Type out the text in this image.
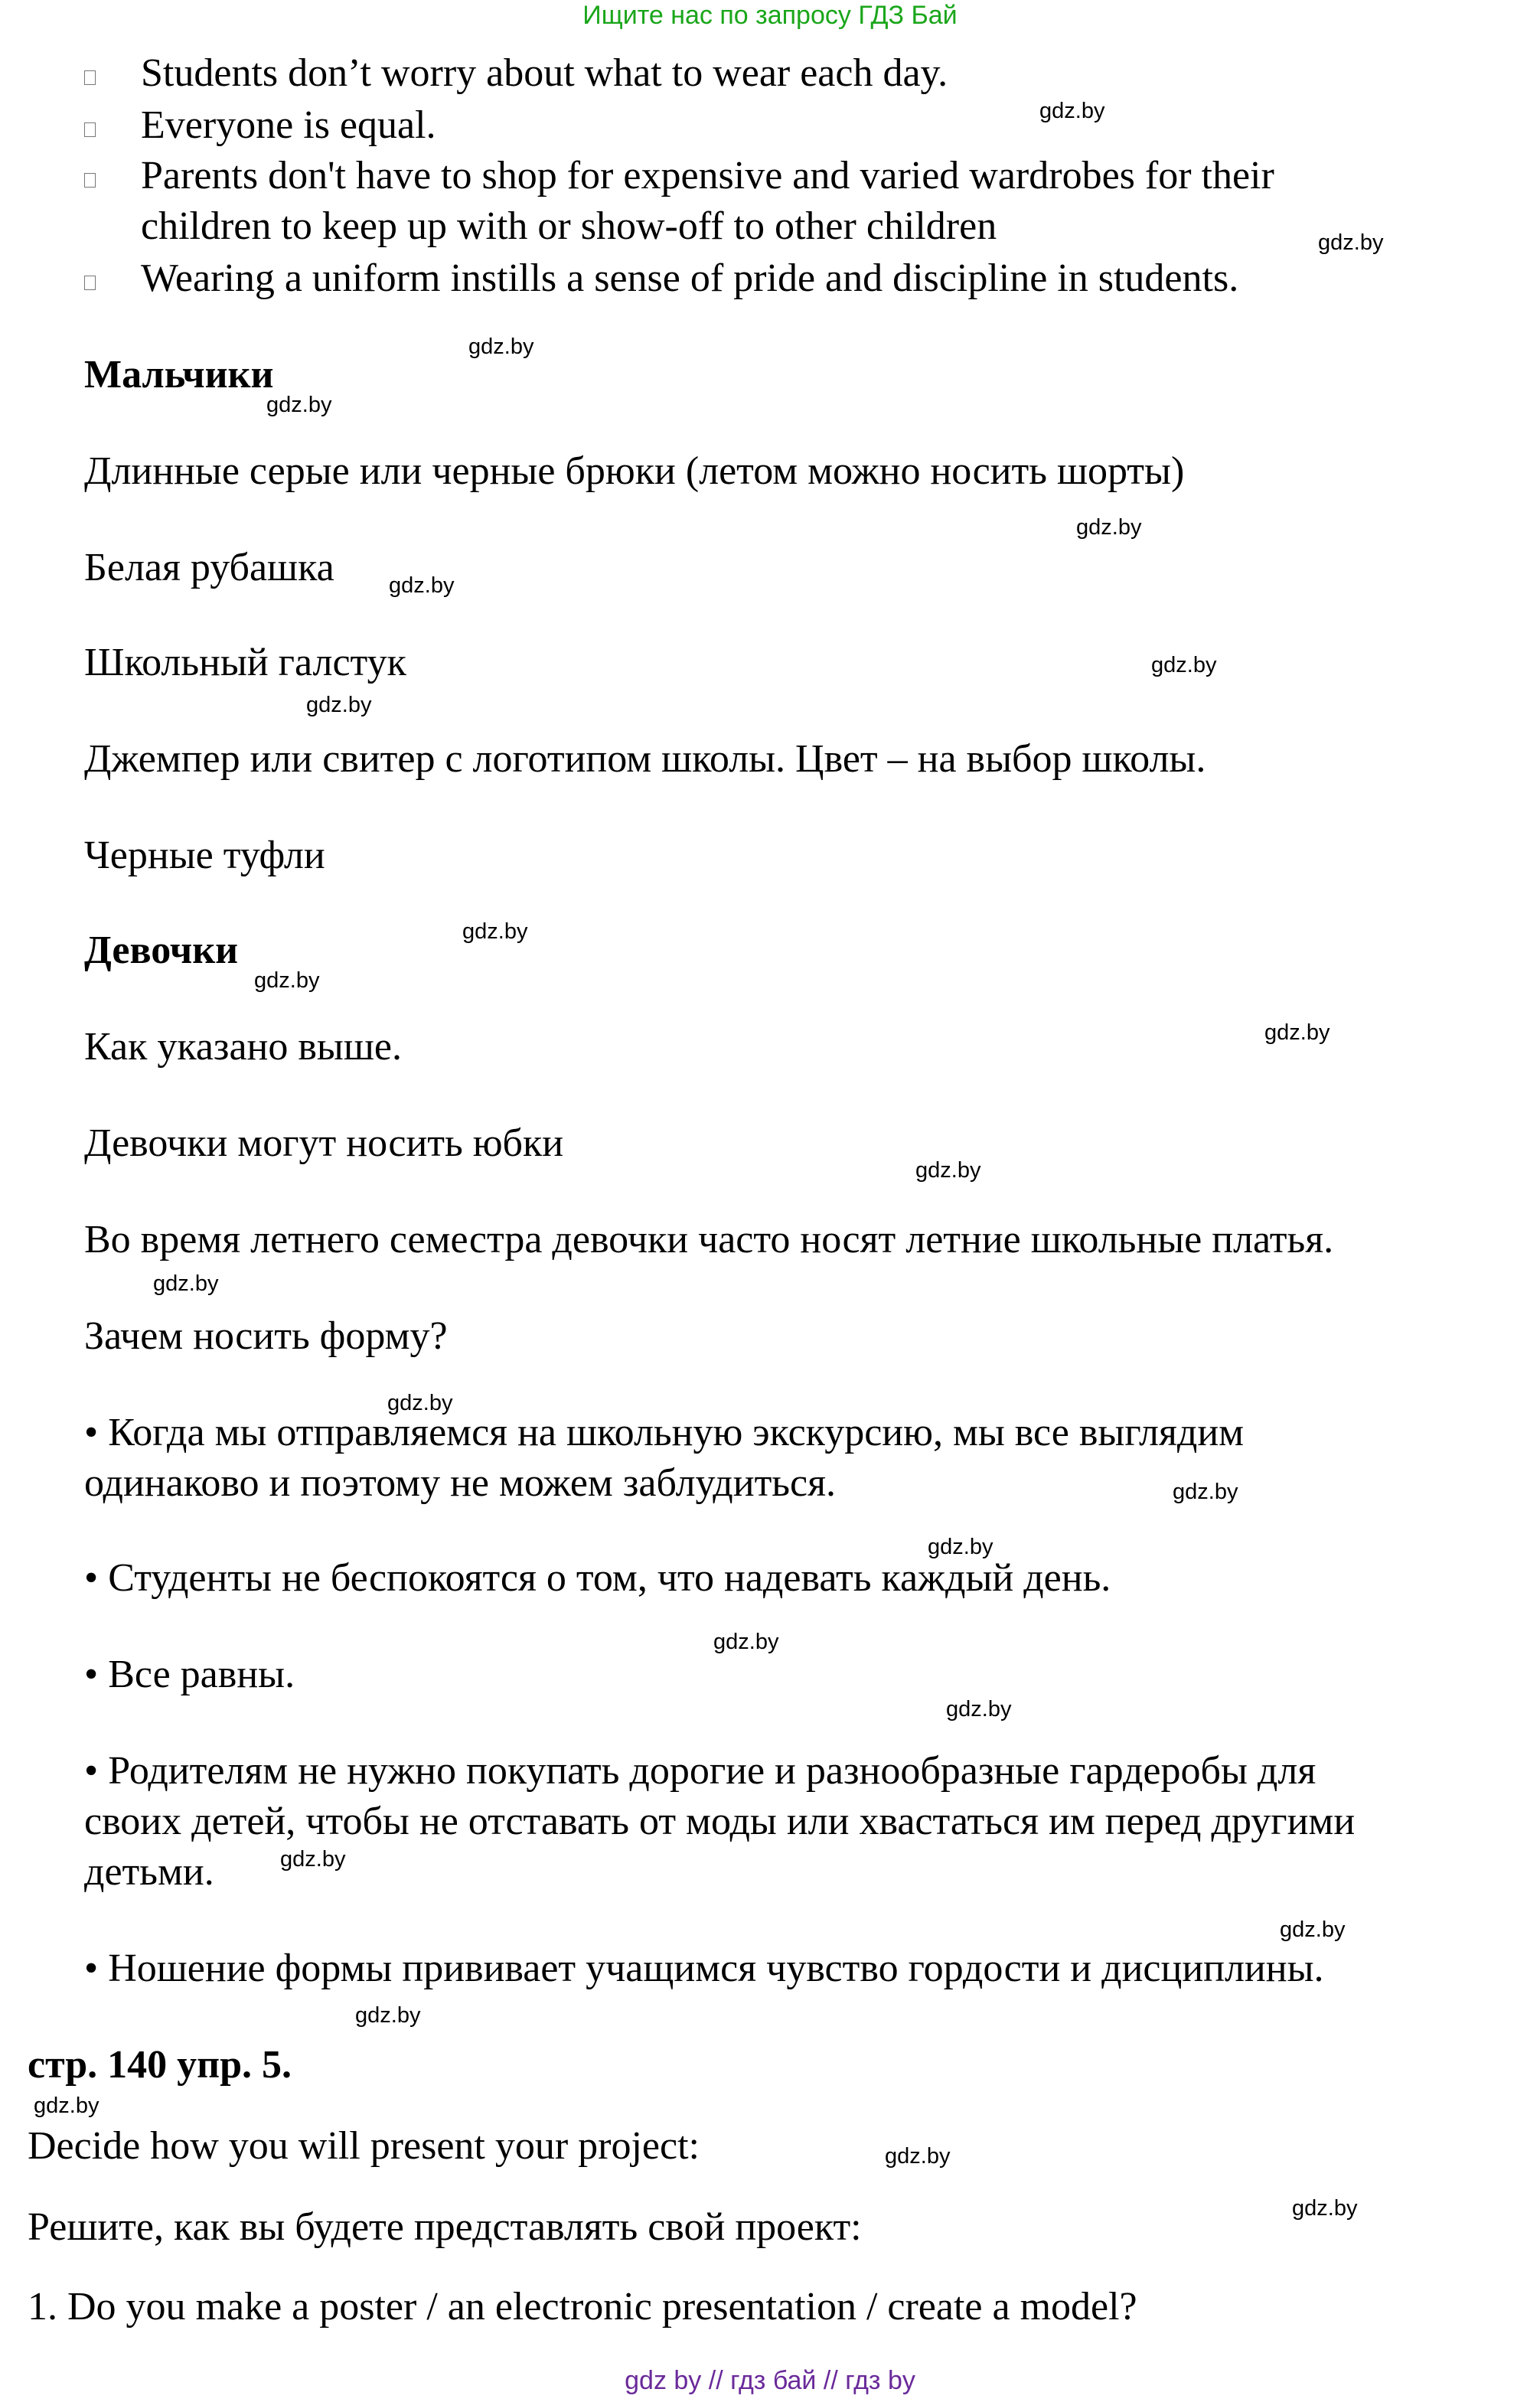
Ищите нас по запросу ГДЗ Бай
Students don’t worry about what to wear each day.
Everyone is equal.
Parents don't have to shop for expensive and varied wardrobes for their
children to keep up with or show-off to other children
Wearing a uniform instills a sense of pride and discipline in students.
Мальчики
Длинные серые или черные брюки (летом можно носить шорты)
Белая рубашка
Школьный галстук
Джемпер или свитер с логотипом школы. Цвет – на выбор школы.
Черные туфли
Девочки
Как указано выше.
Девочки могут носить юбки
Во время летнего семестра девочки часто носят летние школьные платья.
Зачем носить форму?
• Когда мы отправляемся на школьную экскурсию, мы все выглядим
одинаково и поэтому не можем заблудиться.
• Студенты не беспокоятся о том, что надевать каждый день.
• Все равны.
• Родителям не нужно покупать дорогие и разнообразные гардеробы для
своих детей, чтобы не отставать от моды или хвастаться им перед другими
детьми.
• Ношение формы прививает учащимся чувство гордости и дисциплины.
стр. 140 упр. 5.
Decide how you will present your project:
Решите, как вы будете представлять свой проект:
1. Do you make a poster / an electronic presentation / create a model?
gdz.by
gdz.by
gdz.by
gdz.by
gdz.by
gdz.by
gdz.by
gdz.by
gdz.by
gdz.by
gdz.by
gdz.by
gdz.by
gdz.by
gdz.by
gdz.by
gdz.by
gdz.by
gdz.by
gdz.by
gdz.by
gdz.by
gdz.by
gdz.by
gdz by // гдз бай // гдз by
